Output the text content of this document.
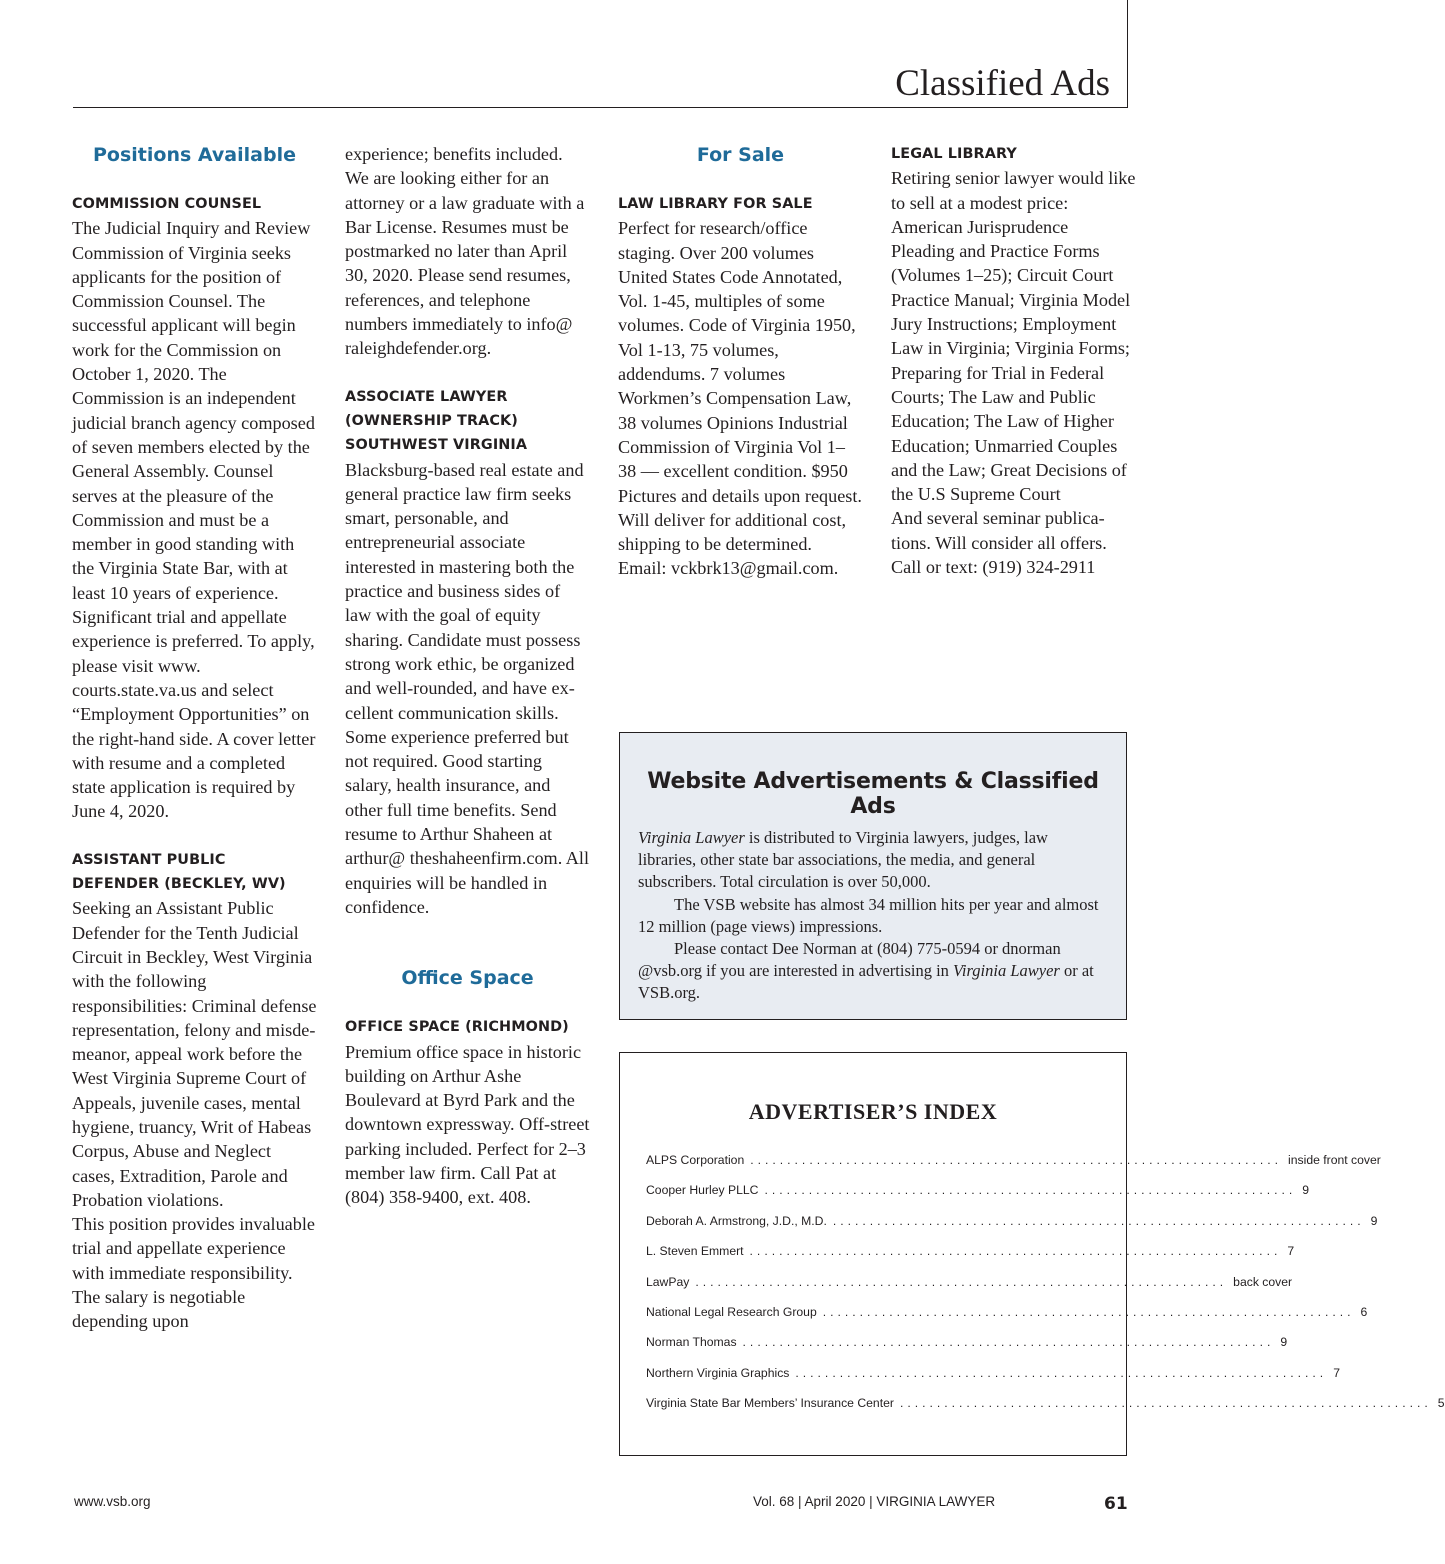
Classified Ads
Positions Available
COMMISSION COUNSEL

The Judicial Inquiry and Review Commission of Virginia seeks applicants for the position of Commission Counsel. The successful applicant will begin work for the Commission on October 1, 2020. The Commission is an independent judicial branch agency composed of seven members elected by the General Assembly. Counsel serves at the pleasure of the Commission and must be a member in good standing with the Virginia State Bar, with at least 10 years of experience. Significant trial and appellate experience is preferred. To apply, please visit www. courts.state.va.us and select “Employment Opportunities” on the right-hand side. A cover letter with resume and a completed state application is required by June 4, 2020.

ASSISTANT PUBLIC DEFENDER (BECKLEY, WV)

Seeking an Assistant Public Defender for the Tenth Judicial Circuit in Beckley, West Virginia with the following responsibilities: Criminal defense representation, felony and misdemeanor, appeal work before the West Virginia Supreme Court of Appeals, juvenile cases, mental hygiene, truancy, Writ of Habeas Corpus, Abuse and Neglect cases, Extradition, Parole and Probation violations.

This position provides invaluable trial and appellate experience with immediate responsibility. The salary is negotiable depending upon

experience; benefits included. We are looking either for an attorney or a law graduate with a Bar License. Resumes must be postmarked no later than April 30, 2020. Please send resumes, references, and telephone numbers immediately to info@ raleighdefender.org.

ASSOCIATE LAWYER
(OWNERSHIP TRACK)
SOUTHWEST VIRGINIA

Blacksburg-based real estate and general practice law firm seeks smart, personable, and entrepreneurial associate interested in mastering both the practice and business sides of law with the goal of equity sharing. Candidate must possess strong work ethic, be organized and well-rounded, and have excellent communication skills. Some experience preferred but not required. Good starting salary, health insurance, and other full time benefits. Send resume to Arthur Shaheen at arthur@ theshaheenfirm.com. All enquiries will be handled in confidence.

Office Space
OFFICE SPACE (RICHMOND)

Premium office space in historic building on Arthur Ashe Boulevard at Byrd Park and the downtown expressway. Off-street parking included. Perfect for 2–3 member law firm. Call Pat at (804) 358-9400, ext. 408.

For Sale
LAW LIBRARY FOR SALE

Perfect for research/office staging. Over 200 volumes United States Code Annotated, Vol. 1-45, multiples of some volumes. Code of Virginia 1950, Vol 1-13, 75 volumes, addendums. 7 volumes Workmen’s Compensation Law, 38 volumes Opinions Industrial Commission of Virginia Vol 1–38 — excellent condition. $950 Pictures and details upon request. Will deliver for additional cost, shipping to be determined. Email: vckbrk13@gmail.com.

LEGAL LIBRARY

Retiring senior lawyer would like to sell at a modest price: American Jurisprudence Pleading and Practice Forms (Volumes 1–25); Circuit Court Practice Manual; Virginia Model Jury Instructions; Employment Law in Virginia; Virginia Forms; Preparing for Trial in Federal Courts; The Law and Public Education; The Law of Higher Education; Unmarried Couples and the Law; Great Decisions of the U.S Supreme Court

And several seminar publications. Will consider all offers. Call or text: (919) 324-2911

Website Advertisements & Classified Ads

Virginia Lawyer is distributed to Virginia lawyers, judges, law libraries, other state bar associations, the media, and general subscribers. Total circulation is over 50,000.

The VSB website has almost 34 million hits per year and almost 12 million (page views) impressions.

Please contact Dee Norman at (804) 775-0594 or dnorman @vsb.org if you are interested in advertising in Virginia Lawyer or at VSB.org.

ADVERTISER’S INDEX
ALPS Corporation ........................................................................ inside front cover
Cooper Hurley PLLC ........................................................................ 9
Deborah A. Armstrong, J.D., M.D. ........................................................................ 9
L. Steven Emmert ........................................................................ 7
LawPay ........................................................................ back cover
National Legal Research Group ........................................................................ 6
Norman Thomas ........................................................................ 9
Northern Virginia Graphics ........................................................................ 7
Virginia State Bar Members’ Insurance Center ........................................................................ 5
www.vsb.org	Vol. 68 | April 2020 | VIRGINIA LAWYER	61
